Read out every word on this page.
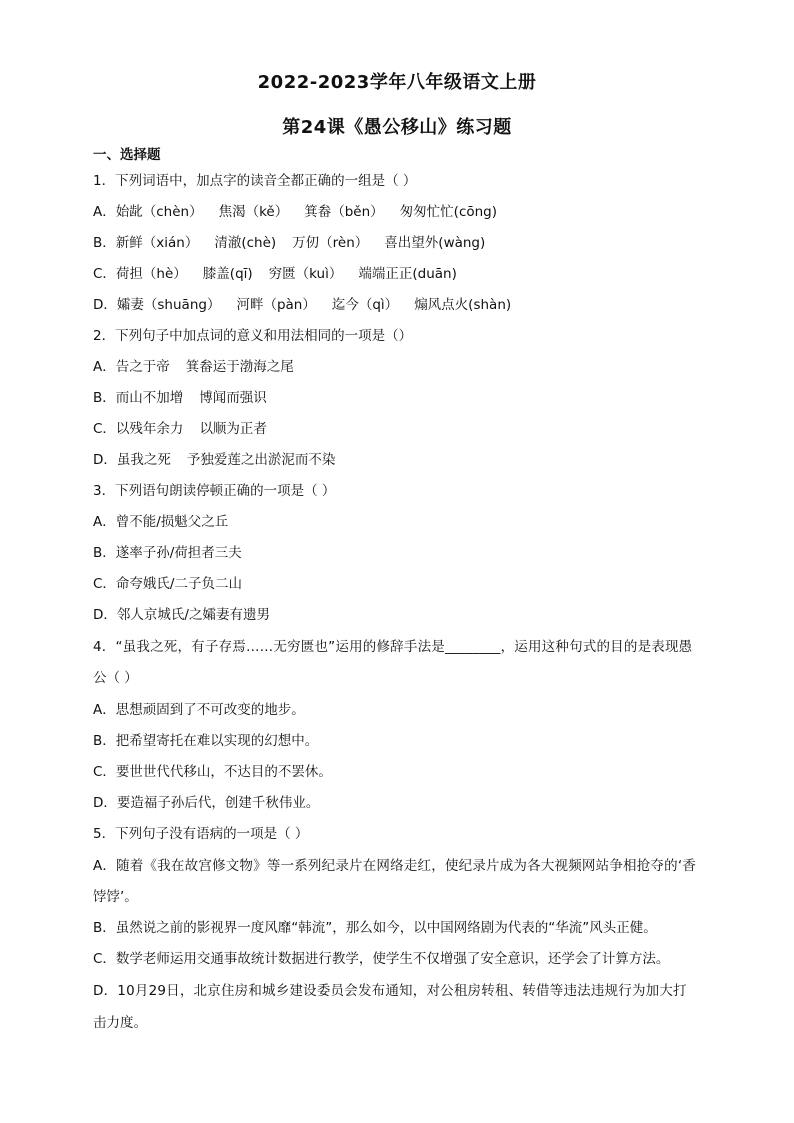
2022-2023学年八年级语文上册
第24课《愚公移山》练习题
一、选择题
1．下列词语中，加点字的读音全都正确的一组是（ ）
A．始龀（chèn） 焦渴（kě） 箕畚（běn） 匆匆忙忙(cōng)
B．新鲜（xián） 清澈(chè) 万仞（rèn） 喜出望外(wàng)
C．荷担（hè） 膝盖(qī) 穷匮（kuì） 端端正正(duān)
D．孀妻（shuāng） 河畔（pàn） 迄今（qì） 煽风点火(shàn)
2．下列句子中加点词的意义和用法相同的一项是（）
A．告之于帝 箕畚运于渤海之尾
B．而山不加增 博闻而强识
C．以残年余力 以顺为正者
D．虽我之死 予独爱莲之出淤泥而不染
3．下列语句朗读停顿正确的一项是（ ）
A．曾不能/损魁父之丘
B．遂率子孙/荷担者三夫
C．命夸娥氏/二子负二山
D．邻人京城氏/之孀妻有遗男
4．“虽我之死，有子存焉……无穷匮也”运用的修辞手法是________，运用这种句式的目的是表现愚
公（ ）
A．思想顽固到了不可改变的地步。
B．把希望寄托在难以实现的幻想中。
C．要世世代代移山，不达目的不罢休。
D．要造福子孙后代，创建千秋伟业。
5．下列句子没有语病的一项是（ ）
A．随着《我在故宫修文物》等一系列纪录片在网络走红，使纪录片成为各大视频网站争相抢夺的‘香
饽饽’。
B．虽然说之前的影视界一度风靡“韩流”，那么如今，以中国网络剧为代表的“华流”风头正健。
C．数学老师运用交通事故统计数据进行教学，使学生不仅增强了安全意识，还学会了计算方法。
D．10月29日，北京住房和城乡建设委员会发布通知，对公租房转租、转借等违法违规行为加大打
击力度。
